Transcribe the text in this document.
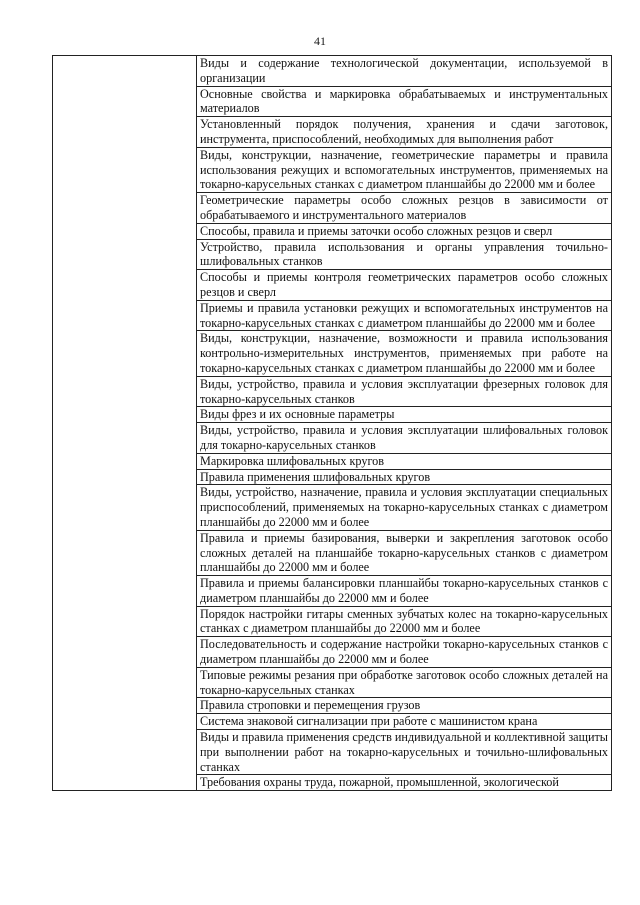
41
	Виды и содержание технологической документации, используемой в организации
Основные свойства и маркировка обрабатываемых и инструментальных материалов
Установленный порядок получения, хранения и сдачи заготовок, инструмента, приспособлений, необходимых для выполнения работ
Виды, конструкции, назначение, геометрические параметры и правила использования режущих и вспомогательных инструментов, применяемых на токарно-карусельных станках с диаметром планшайбы до 22000 мм и более
Геометрические параметры особо сложных резцов в зависимости от обрабатываемого и инструментального материалов
Способы, правила и приемы заточки особо сложных резцов и сверл
Устройство, правила использования и органы управления точильно-шлифовальных станков
Способы и приемы контроля геометрических параметров особо сложных резцов и сверл
Приемы и правила установки режущих и вспомогательных инструментов на токарно-карусельных станках с диаметром планшайбы до 22000 мм и более
Виды, конструкции, назначение, возможности и правила использования контрольно-измерительных инструментов, применяемых при работе на токарно-карусельных станках с диаметром планшайбы до 22000 мм и более
Виды, устройство, правила и условия эксплуатации фрезерных головок для токарно-карусельных станков
Виды фрез и их основные параметры
Виды, устройство, правила и условия эксплуатации шлифовальных головок для токарно-карусельных станков
Маркировка шлифовальных кругов
Правила применения шлифовальных кругов
Виды, устройство, назначение, правила и условия эксплуатации специальных приспособлений, применяемых на токарно-карусельных станках с диаметром планшайбы до 22000 мм и более
Правила и приемы базирования, выверки и закрепления заготовок особо сложных деталей на планшайбе токарно-карусельных станков с диаметром планшайбы до 22000 мм и более
Правила и приемы балансировки планшайбы токарно-карусельных станков с диаметром планшайбы до 22000 мм и более
Порядок настройки гитары сменных зубчатых колес на токарно-карусельных станках с диаметром планшайбы до 22000 мм и более
Последовательность и содержание настройки токарно-карусельных станков с диаметром планшайбы до 22000 мм и более
Типовые режимы резания при обработке заготовок особо сложных деталей на токарно-карусельных станках
Правила строповки и перемещения грузов
Система знаковой сигнализации при работе с машинистом крана
Виды и правила применения средств индивидуальной и коллективной защиты при выполнении работ на токарно-карусельных и точильно-шлифовальных станках
Требования охраны труда, пожарной, промышленной, экологической
